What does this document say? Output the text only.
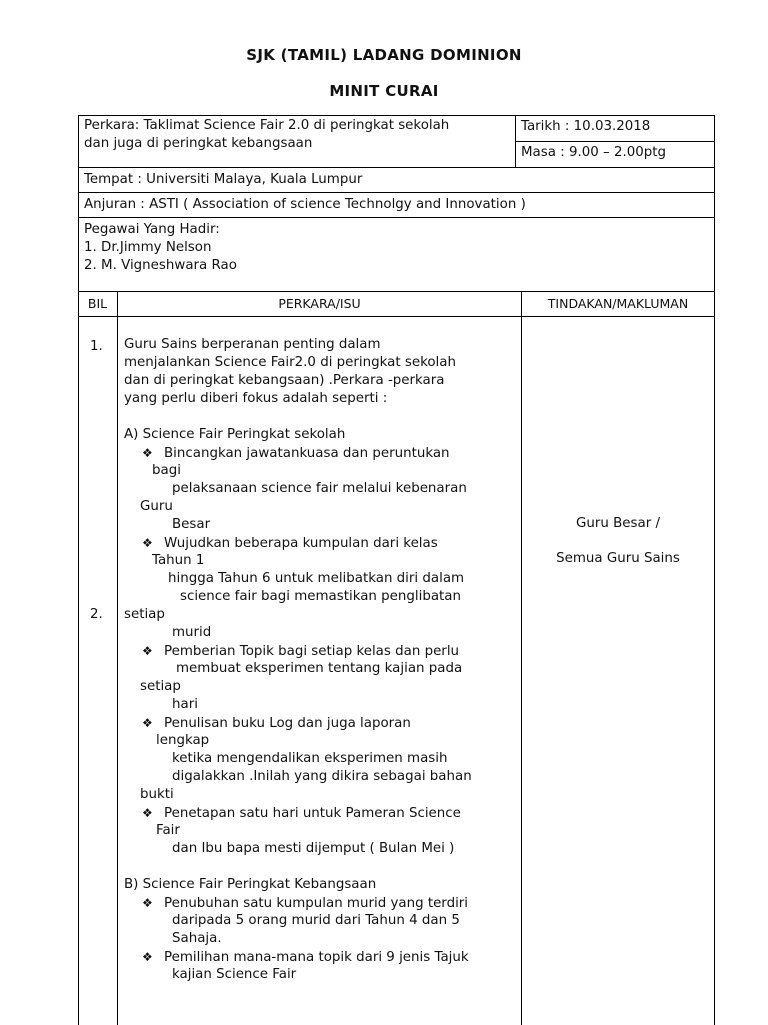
SJK (TAMIL) LADANG DOMINION
MINIT CURAI
Perkara: Taklimat Science Fair 2.0 di peringkat sekolah
dan juga di peringkat kebangsaan
Tarikh : 10.03.2018
Masa : 9.00 – 2.00ptg
Tempat : Universiti Malaya, Kuala Lumpur
Anjuran : ASTI ( Association of science Technolgy and Innovation )
Pegawai Yang Hadir:
1. Dr.Jimmy Nelson
2. M. Vigneshwara Rao
BIL	PERKARA/ISU	TINDAKAN/MAKLUMAN
1.
2.
Guru Sains berperanan penting dalam
menjalankan Science Fair2.0 di peringkat sekolah
dan di peringkat kebangsaan) .Perkara -perkara
yang perlu diberi fokus adalah seperti :
A) Science Fair Peringkat sekolah
❖ Bincangkan jawatankuasa dan peruntukan
bagi
pelaksanaan science fair melalui kebenaran
Guru
Besar
❖ Wujudkan beberapa kumpulan dari kelas
Tahun 1
hingga Tahun 6 untuk melibatkan diri dalam
science fair bagi memastikan penglibatan
setiap
murid
❖ Pemberian Topik bagi setiap kelas dan perlu
membuat eksperimen tentang kajian pada
setiap
hari
❖ Penulisan buku Log dan juga laporan
lengkap
ketika mengendalikan eksperimen masih
digalakkan .Inilah yang dikira sebagai bahan
bukti
❖ Penetapan satu hari untuk Pameran Science
Fair
dan Ibu bapa mesti dijemput ( Bulan Mei )
B) Science Fair Peringkat Kebangsaan
❖ Penubuhan satu kumpulan murid yang terdiri
daripada 5 orang murid dari Tahun 4 dan 5
Sahaja.
❖ Pemilihan mana-mana topik dari 9 jenis Tajuk
kajian Science Fair
Guru Besar /
Semua Guru Sains
